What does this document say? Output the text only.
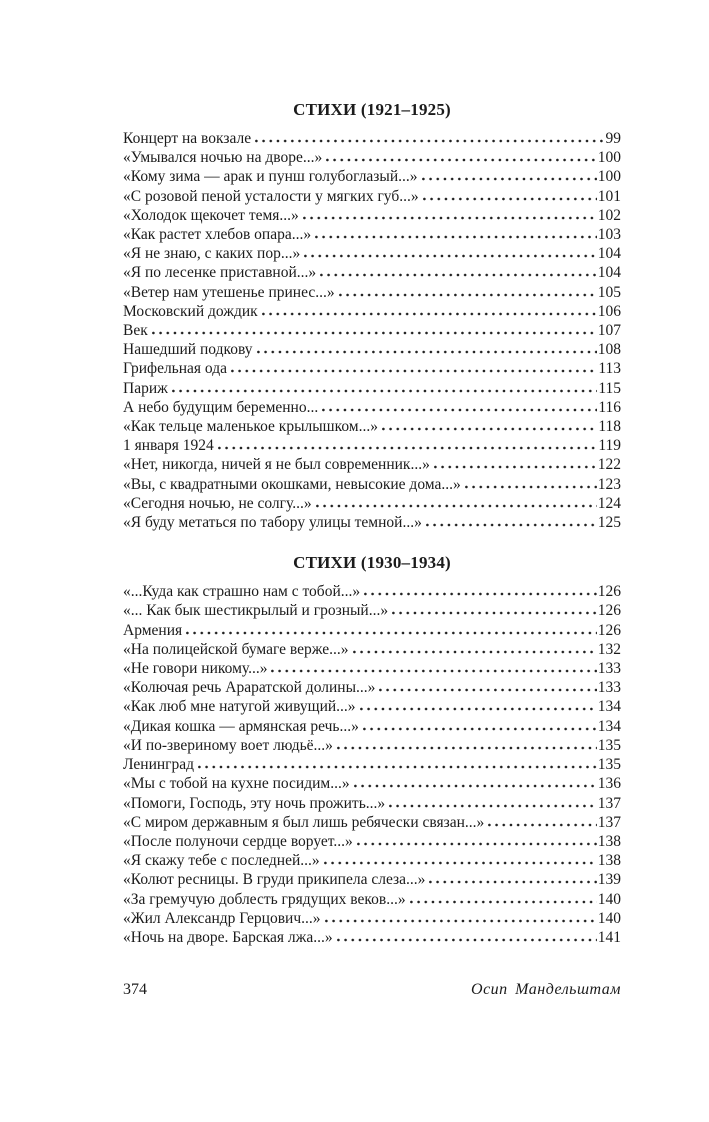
СТИХИ (1921–1925)
Концерт на вокзале	99
«Умывался ночью на дворе...»	100
«Кому зима — арак и пунш голубоглазый...»	100
«С розовой пеной усталости у мягких губ...»	101
«Холодок щекочет темя...»	102
«Как растет хлебов опара...»	103
«Я не знаю, с каких пор...»	104
«Я по лесенке приставной...»	104
«Ветер нам утешенье принес...»	105
Московский дождик	106
Век	107
Нашедший подкову	108
Грифельная ода	113
Париж	115
А небо будущим беременно...	116
«Как тельце маленькое крылышком...»	118
1 января 1924	119
«Нет, никогда, ничей я не был современник...»	122
«Вы, с квадратными окошками, невысокие дома...»	123
«Сегодня ночью, не солгу...»	124
«Я буду метаться по табору улицы темной...»	125
СТИХИ (1930–1934)
«...Куда как страшно нам с тобой...»	126
«... Как бык шестикрылый и грозный...»	126
Армения	126
«На полицейской бумаге верже...»	132
«Не говори никому...»	133
«Колючая речь Араратской долины...»	133
«Как люб мне натугой живущий...»	134
«Дикая кошка — армянская речь...»	134
«И по-звериному воет людьё...»	135
Ленинград	135
«Мы с тобой на кухне посидим...»	136
«Помоги, Господь, эту ночь прожить...»	137
«С миром державным я был лишь ребячески связан...»	137
«После полуночи сердце ворует...»	138
«Я скажу тебе с последней...»	138
«Колют ресницы. В груди прикипела слеза...»	139
«За гремучую доблесть грядущих веков...»	140
«Жил Александр Герцович...»	140
«Ночь на дворе. Барская лжа...»	141
374	Осип Мандельштам
